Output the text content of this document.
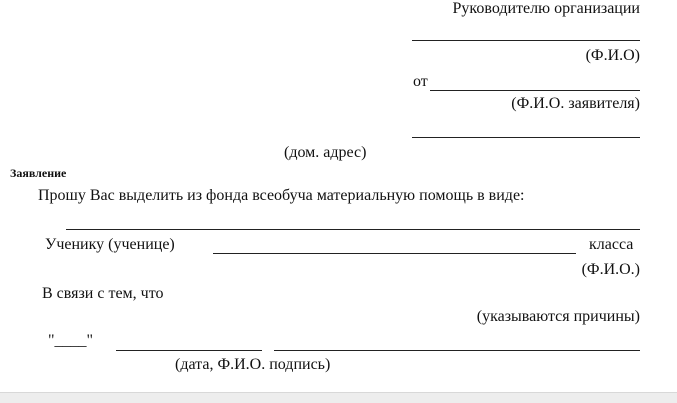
Руководителю организации
(Ф.И.О)
от
(Ф.И.О. заявителя)
(дом. адрес)
Заявление
Прошу Вас выделить из фонда всеобуча материальную помощь в виде:
Ученику (ученице)	класса
(Ф.И.О.)
В связи с тем, что
(указываются причины)
"____"
(дата, Ф.И.О. подпись)
